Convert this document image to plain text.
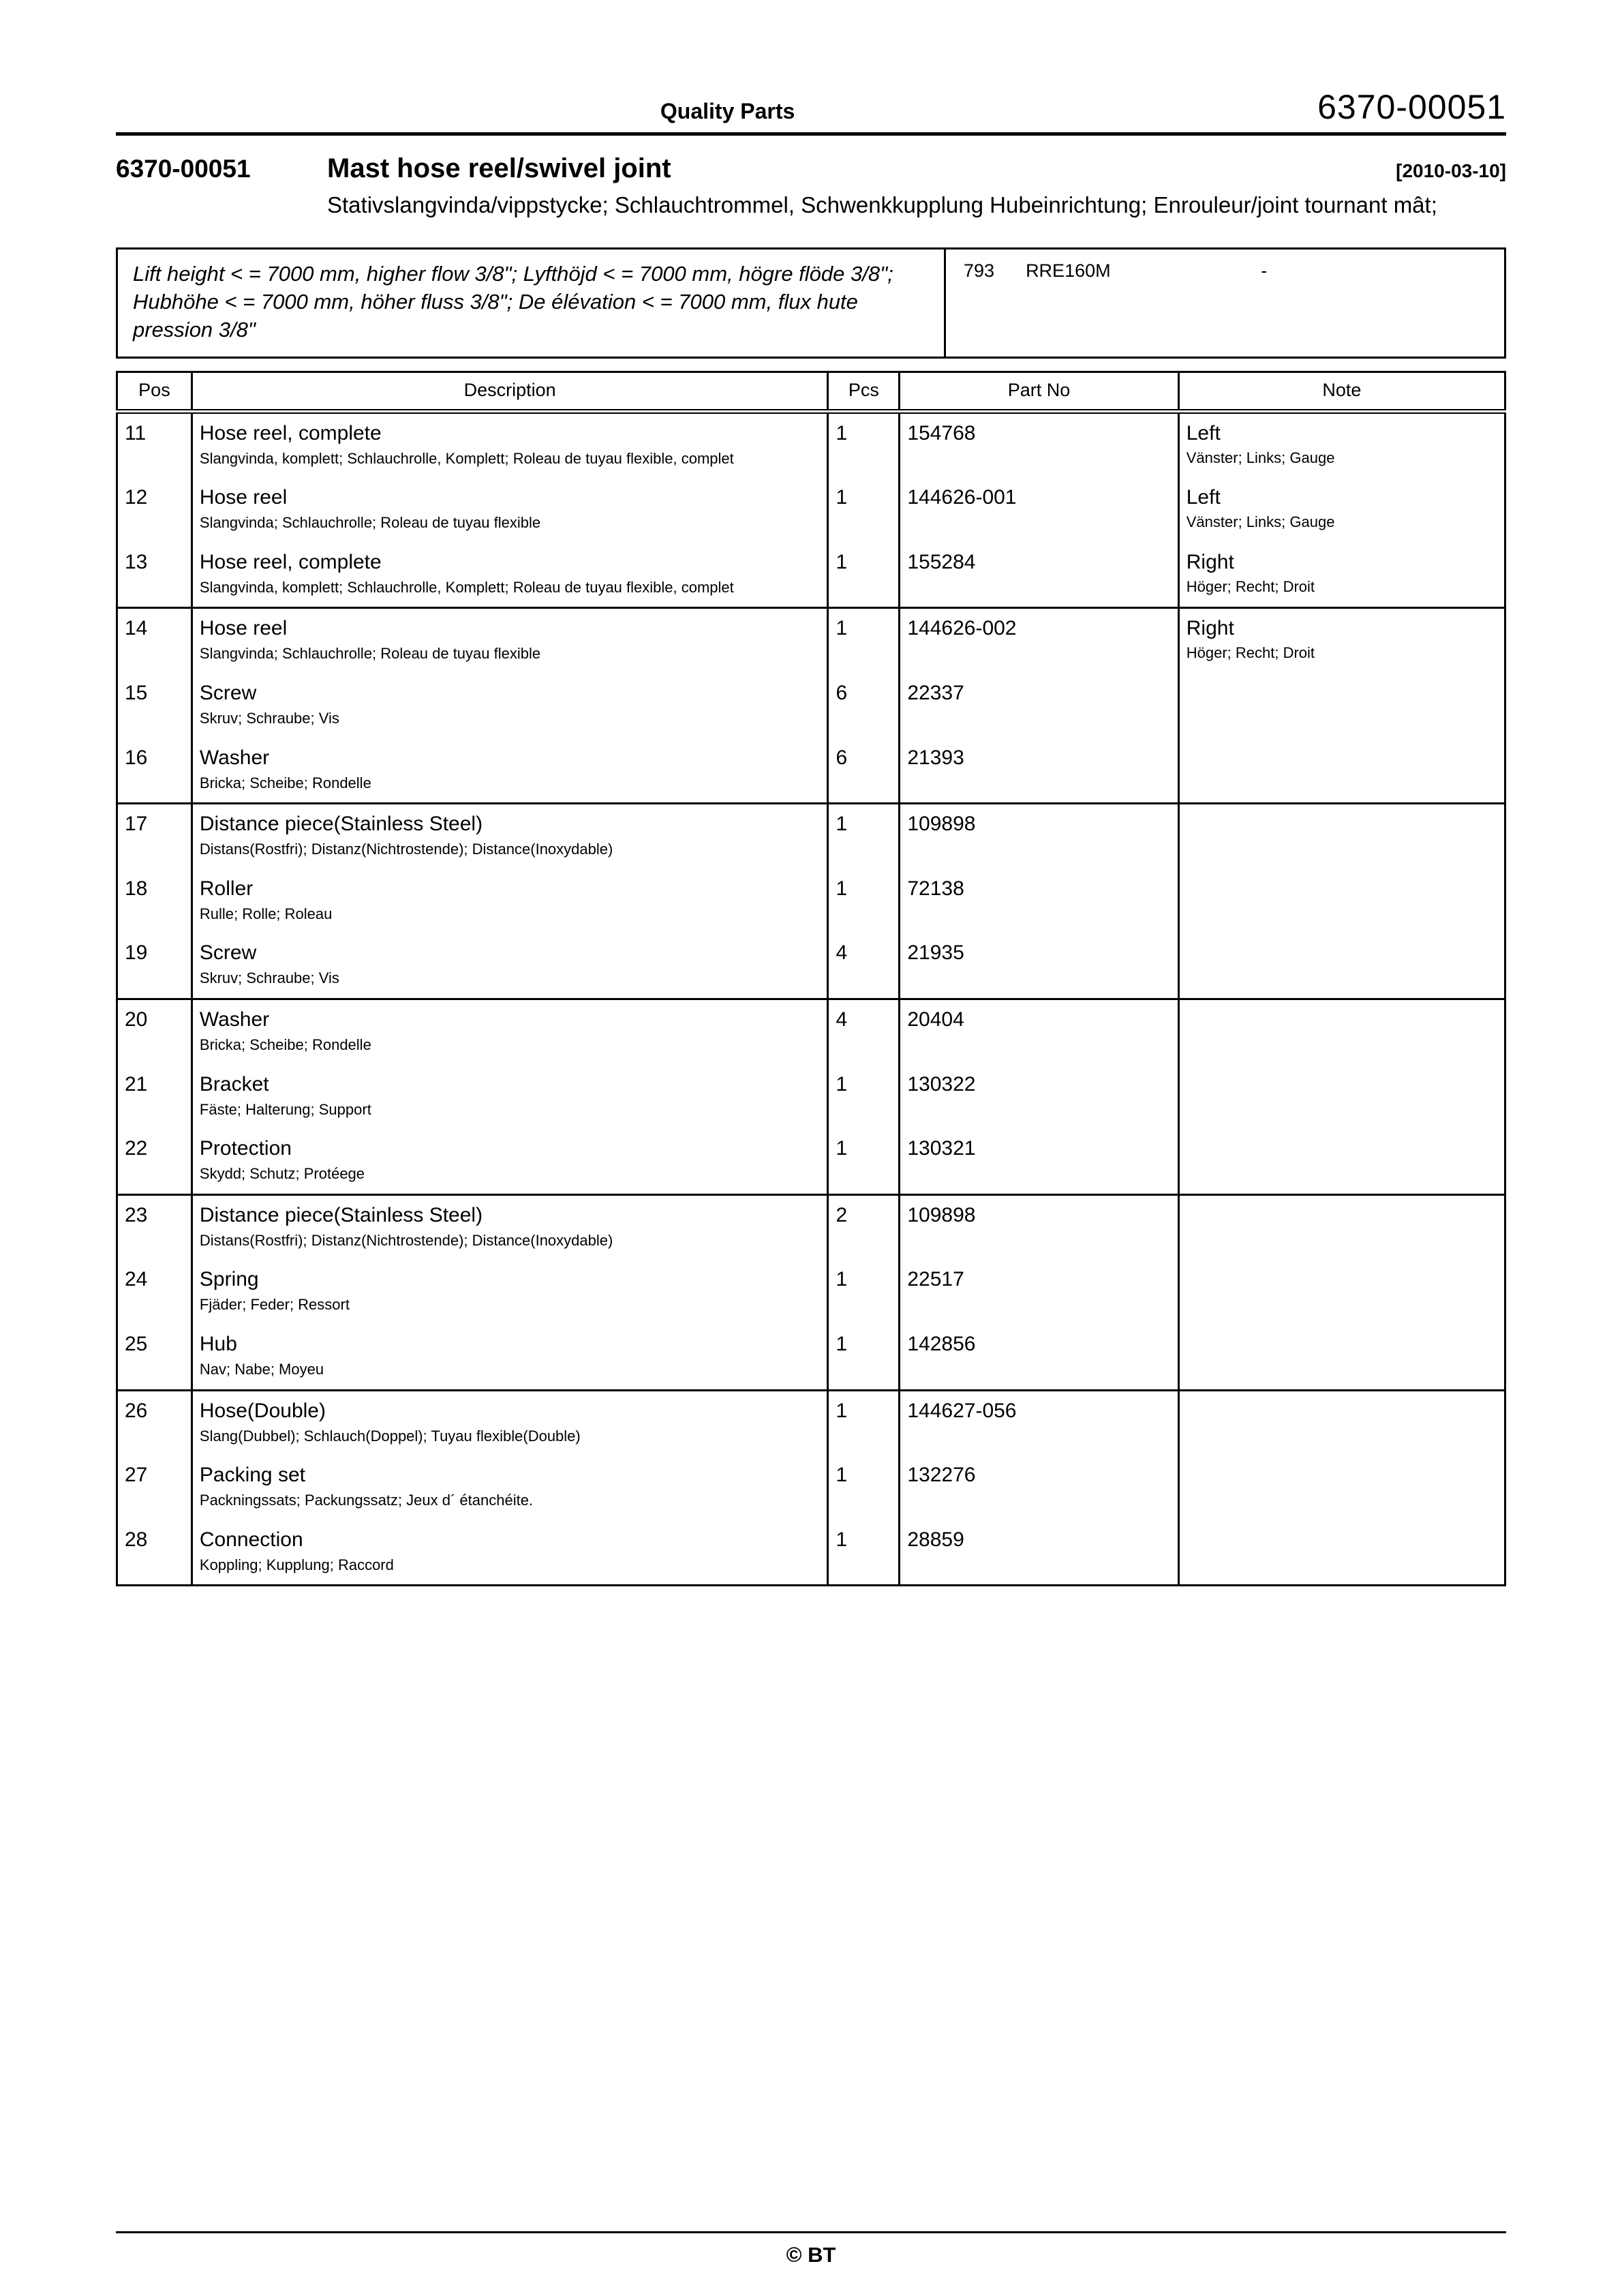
Quality Parts	6370-00051
6370-00051	Mast hose reel/swivel joint	[2010-03-10]
Stativslangvinda/vippstycke; Schlauchtrommel, Schwenkkupplung Hubeinrichtung; Enrouleur/joint tournant mât;
Lift height < = 7000 mm, higher flow 3/8"; Lyfthöjd < = 7000 mm, högre flöde 3/8"; Hubhöhe < = 7000 mm, höher fluss 3/8"; De élévation < = 7000 mm, flux hute pression 3/8"
793 RRE160M	-
Pos	Description	Pcs	Part No	Note
11	Hose reel, complete
Slangvinda, komplett; Schlauchrolle, Komplett; Roleau de tuyau flexible, complet
	1	154768	Left
Vänster; Links; Gauge

12	Hose reel
Slangvinda; Schlauchrolle; Roleau de tuyau flexible
	1	144626-001	Left
Vänster; Links; Gauge

13	Hose reel, complete
Slangvinda, komplett; Schlauchrolle, Komplett; Roleau de tuyau flexible, complet
	1	155284	Right
Höger; Recht; Droit

14	Hose reel
Slangvinda; Schlauchrolle; Roleau de tuyau flexible
	1	144626-002	Right
Höger; Recht; Droit

15	Screw
Skruv; Schraube; Vis	6	22337	

16	Washer
Bricka; Scheibe; Rondelle	6	21393	

17	Distance piece(Stainless Steel)
Distans(Rostfri); Distanz(Nichtrostende); Distance(Inoxydable)	1	109898	

18	Roller
Rulle; Rolle; Roleau	1	72138	

19	Screw
Skruv; Schraube; Vis	4	21935	

20	Washer
Bricka; Scheibe; Rondelle	4	20404	

21	Bracket
Fäste; Halterung; Support	1	130322	

22	Protection
Skydd; Schutz; Protéege	1	130321	

23	Distance piece(Stainless Steel)
Distans(Rostfri); Distanz(Nichtrostende); Distance(Inoxydable)	2	109898	

24	Spring
Fjäder; Feder; Ressort	1	22517	

25	Hub
Nav; Nabe; Moyeu	1	142856	

26	Hose(Double)
Slang(Dubbel); Schlauch(Doppel); Tuyau flexible(Double)	1	144627-056	

27	Packing set
Packningssats; Packungssatz; Jeux d´ étanchéite.	1	132276	

28	Connection
Koppling; Kupplung; Raccord	1	28859	
© BT
